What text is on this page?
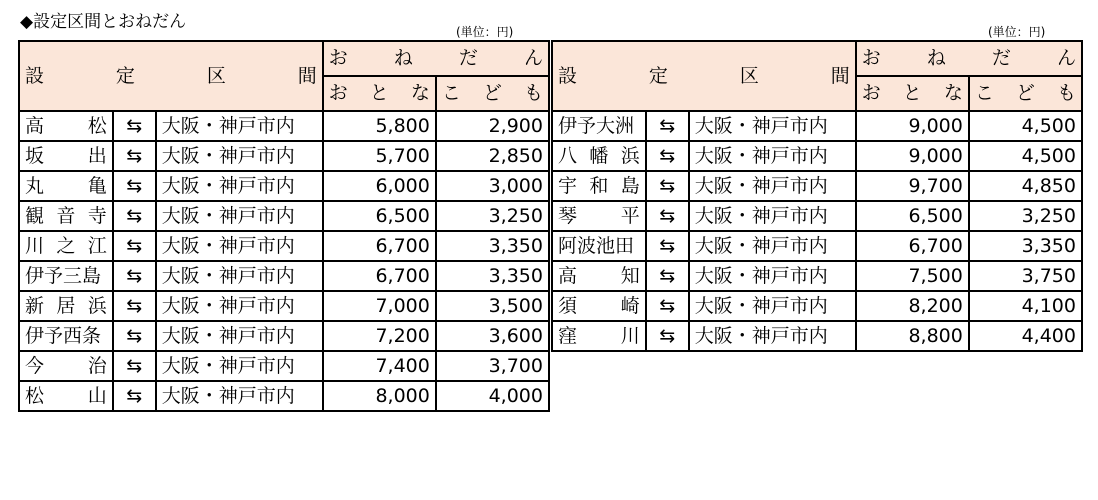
◆設定区間とおねだん	(単位：円)	(単位：円)
設 定 区 間			お ね だ ん	

			お と な	こ ど も

高 松	⇆	大阪・神戸市内	5,800	2,900

坂 出	⇆	大阪・神戸市内	5,700	2,850

丸 亀	⇆	大阪・神戸市内	6,000	3,000

観 音 寺	⇆	大阪・神戸市内	6,500	3,250

川 之 江	⇆	大阪・神戸市内	6,700	3,350

伊予三島	⇆	大阪・神戸市内	6,700	3,350

新 居 浜	⇆	大阪・神戸市内	7,000	3,500

伊予西条	⇆	大阪・神戸市内	7,200	3,600

今 治	⇆	大阪・神戸市内	7,400	3,700

松 山	⇆	大阪・神戸市内	8,000	4,000
設 定 区 間			お ね だ ん	

			お と な	こ ど も

伊予大洲	⇆	大阪・神戸市内	9,000	4,500

八 幡 浜	⇆	大阪・神戸市内	9,000	4,500

宇 和 島	⇆	大阪・神戸市内	9,700	4,850

琴 平	⇆	大阪・神戸市内	6,500	3,250

阿波池田	⇆	大阪・神戸市内	6,700	3,350

高 知	⇆	大阪・神戸市内	7,500	3,750

須 崎	⇆	大阪・神戸市内	8,200	4,100

窪 川	⇆	大阪・神戸市内	8,800	4,400
